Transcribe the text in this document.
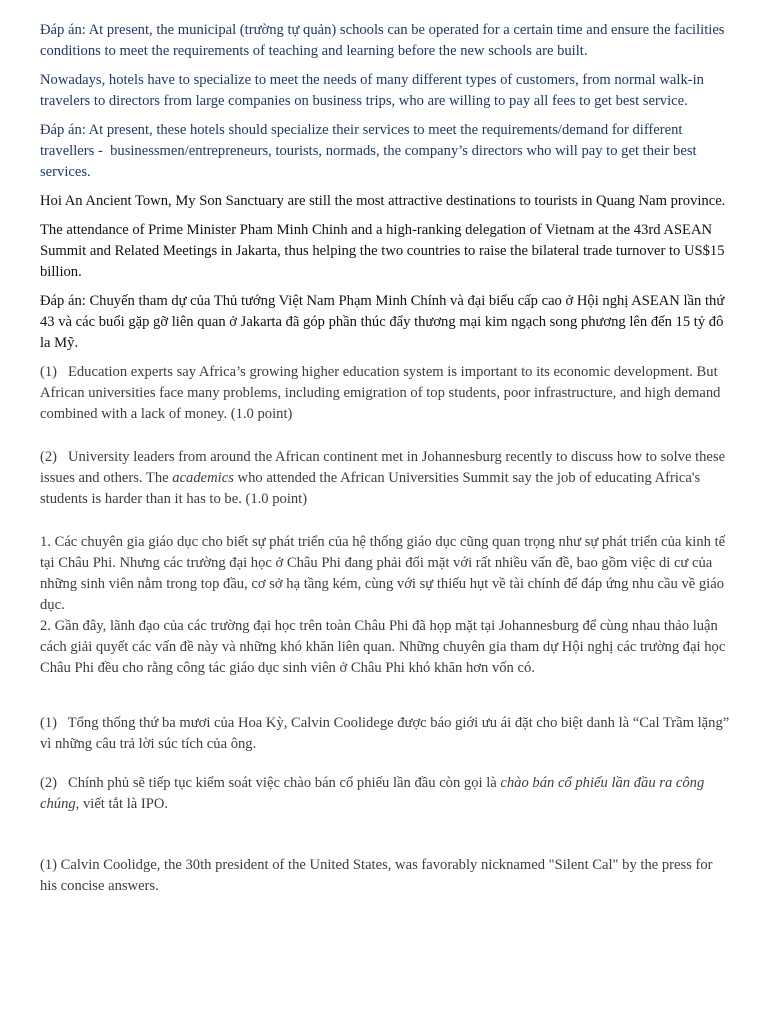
Đáp án: At present, the municipal (trường tự quản) schools can be operated for a certain time and ensure the facilities conditions to meet the requirements of teaching and learning before the new schools are built.

Nowadays, hotels have to specialize to meet the needs of many different types of customers, from normal walk-in travelers to directors from large companies on business trips, who are willing to pay all fees to get best service.

Đáp án: At present, these hotels should specialize their services to meet the requirements/demand for different travellers -  businessmen/entrepreneurs, tourists, normads, the company’s directors who will pay to get their best services.

Hoi An Ancient Town, My Son Sanctuary are still the most attractive destinations to tourists in Quang Nam province.

The attendance of Prime Minister Pham Minh Chinh and a high-ranking delegation of Vietnam at the 43rd ASEAN Summit and Related Meetings in Jakarta, thus helping the two countries to raise the bilateral trade turnover to US$15 billion.

Đáp án: Chuyến tham dự của Thủ tướng Việt Nam Phạm Minh Chính và đại biểu cấp cao ở Hội nghị ASEAN lần thứ 43 và các buổi gặp gỡ liên quan ở Jakarta đã góp phần thúc đẩy thương mại kim ngạch song phương lên đến 15 tỷ đô la Mỹ.

(1)   Education experts say Africa’s growing higher education system is important to its economic development. But African universities face many problems, including emigration of top students, poor infrastructure, and high demand combined with a lack of money. (1.0 point)

(2)   University leaders from around the African continent met in Johannesburg recently to discuss how to solve these issues and others. The academics who attended the African Universities Summit say the job of educating Africa's students is harder than it has to be. (1.0 point)

1. Các chuyên gia giáo dục cho biết sự phát triển của hệ thống giáo dục cũng quan trọng như sự phát triển của kinh tế tại Châu Phi. Nhưng các trường đại học ở Châu Phi đang phải đối mặt với rất nhiều vấn đề, bao gồm việc di cư của những sinh viên nằm trong top đầu, cơ sở hạ tầng kém, cùng với sự thiếu hụt về tài chính để đáp ứng nhu cầu về giáo dục.

2. Gần đây, lãnh đạo của các trường đại học trên toàn Châu Phi đã họp mặt tại Johannesburg để cùng nhau thảo luận cách giải quyết các vấn đề này và những khó khăn liên quan. Những chuyên gia tham dự Hội nghị các trường đại học Châu Phi đều cho rằng công tác giáo dục sinh viên ở Châu Phi khó khăn hơn vốn có.

(1)   Tổng thống thứ ba mươi của Hoa Kỳ, Calvin Coolidege được báo giới ưu ái đặt cho biệt danh là “Cal Trầm lặng” vì những câu trả lời súc tích của ông.

(2)   Chính phủ sẽ tiếp tục kiểm soát việc chào bán cổ phiếu lần đầu còn gọi là chào bán cổ phiếu lần đầu ra công chúng, viết tắt là IPO.

(1) Calvin Coolidge, the 30th president of the United States, was favorably nicknamed "Silent Cal" by the press for his concise answers.
